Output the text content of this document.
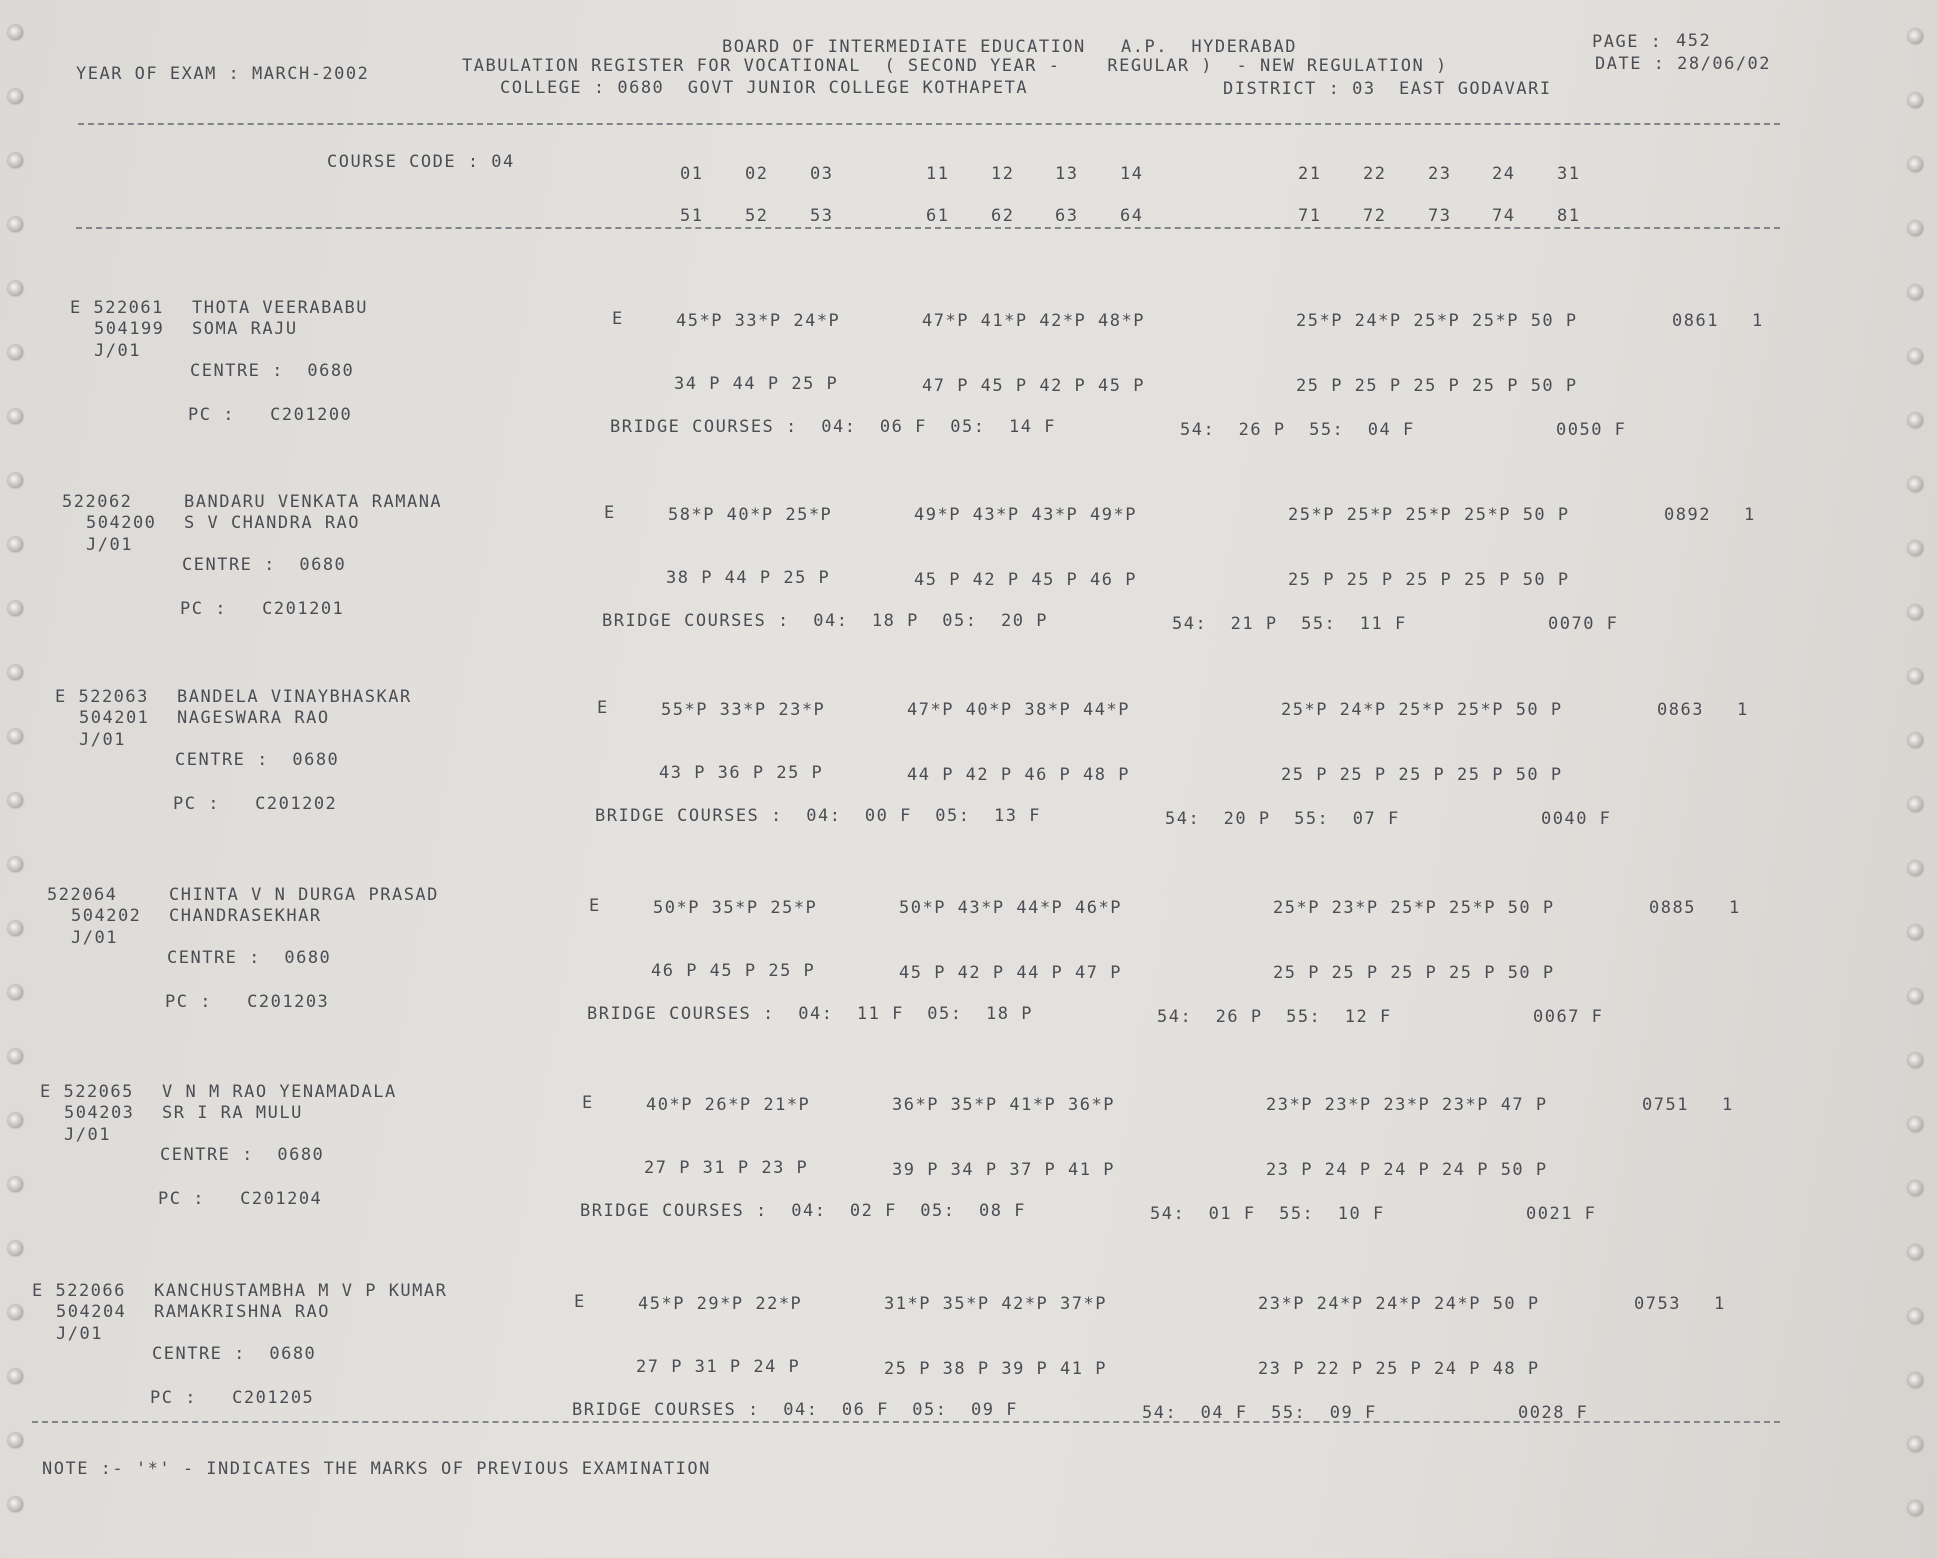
BOARD OF INTERMEDIATE EDUCATION   A.P.  HYDERABAD	PAGE : 452
YEAR OF EXAM : MARCH-2002	TABULATION REGISTER FOR VOCATIONAL  ( SECOND YEAR -    REGULAR )  - NEW REGULATION )	DATE : 28/06/02
COLLEGE : 0680  GOVT JUNIOR COLLEGE KOTHAPETA	DISTRICT : 03  EAST GODAVARI
COURSE CODE : 04
01 02 03	11 12 13 14	21 22 23 24 31
51 52 53	61 62 63 64	71 72 73 74 81
E 522061 THOTA VEERABABU
504199 SOMA RAJU
J/01
CENTRE :  0680
PC :   C201200
E	45*P 33*P 24*P	47*P 41*P 42*P 48*P	25*P 24*P 25*P 25*P 50 P	0861 1
34 P 44 P 25 P	47 P 45 P 42 P 45 P	25 P 25 P 25 P 25 P 50 P
BRIDGE COURSES :  04:  06 F  05:  14 F	54:  26 P  55:  04 F	0050 F
522062	BANDARU VENKATA RAMANA
504200 S V CHANDRA RAO
J/01
CENTRE :  0680
PC :   C201201
E	58*P 40*P 25*P	49*P 43*P 43*P 49*P	25*P 25*P 25*P 25*P 50 P	0892 1
38 P 44 P 25 P	45 P 42 P 45 P 46 P	25 P 25 P 25 P 25 P 50 P
BRIDGE COURSES :  04:  18 P  05:  20 P	54:  21 P  55:  11 F	0070 F
E 522063 BANDELA VINAYBHASKAR
504201 NAGESWARA RAO
J/01
CENTRE :  0680
PC :   C201202
E	55*P 33*P 23*P	47*P 40*P 38*P 44*P	25*P 24*P 25*P 25*P 50 P	0863 1
43 P 36 P 25 P	44 P 42 P 46 P 48 P	25 P 25 P 25 P 25 P 50 P
BRIDGE COURSES :  04:  00 F  05:  13 F	54:  20 P  55:  07 F	0040 F
522064	CHINTA V N DURGA PRASAD
504202 CHANDRASEKHAR
J/01
CENTRE :  0680
PC :   C201203
E	50*P 35*P 25*P	50*P 43*P 44*P 46*P	25*P 23*P 25*P 25*P 50 P	0885 1
46 P 45 P 25 P	45 P 42 P 44 P 47 P	25 P 25 P 25 P 25 P 50 P
BRIDGE COURSES :  04:  11 F  05:  18 P	54:  26 P  55:  12 F	0067 F
E 522065 V N M RAO YENAMADALA
504203 SR I RA MULU
J/01
CENTRE :  0680
PC :   C201204
E	40*P 26*P 21*P	36*P 35*P 41*P 36*P	23*P 23*P 23*P 23*P 47 P	0751 1
27 P 31 P 23 P	39 P 34 P 37 P 41 P	23 P 24 P 24 P 24 P 50 P
BRIDGE COURSES :  04:  02 F  05:  08 F	54:  01 F  55:  10 F	0021 F
E 522066 KANCHUSTAMBHA M V P KUMAR
504204 RAMAKRISHNA RAO
J/01
CENTRE :  0680
PC :   C201205
E	45*P 29*P 22*P	31*P 35*P 42*P 37*P	23*P 24*P 24*P 24*P 50 P	0753 1
27 P 31 P 24 P	25 P 38 P 39 P 41 P	23 P 22 P 25 P 24 P 48 P
BRIDGE COURSES :  04:  06 F  05:  09 F	54:  04 F  55:  09 F	0028 F
NOTE :- '*' - INDICATES THE MARKS OF PREVIOUS EXAMINATION
